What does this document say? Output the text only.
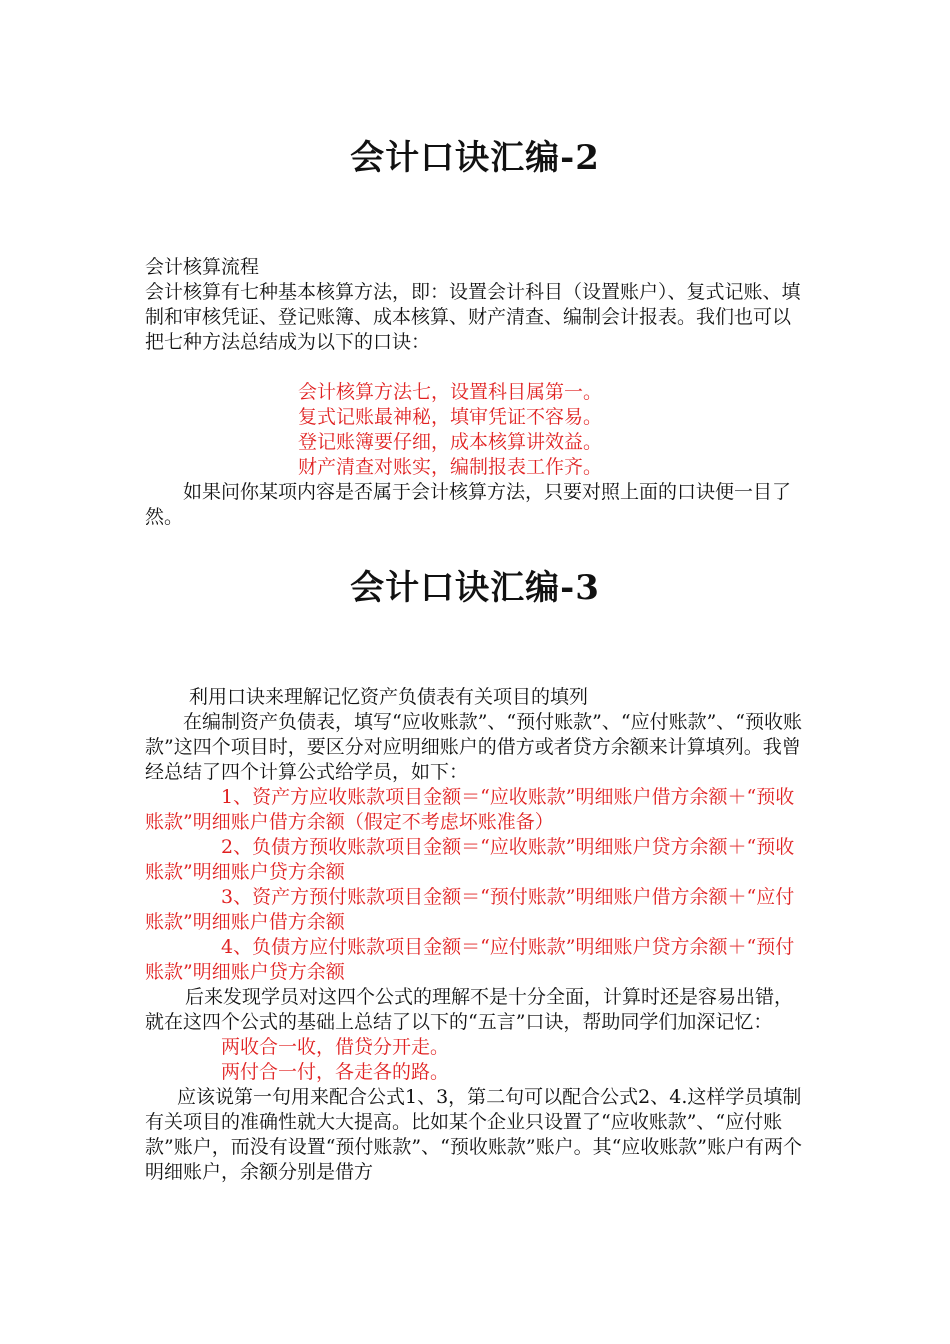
会计口诀汇编-2

会计核算流程

会计核算有七种基本核算方法，即：设置会计科目（设置账户）、复式记账、填制和审核凭证、登记账簿、成本核算、财产清查、编制会计报表。我们也可以把七种方法总结成为以下的口诀：

会计核算方法七，设置科目属第一。

复式记账最神秘，填审凭证不容易。

登记账簿要仔细，成本核算讲效益。

财产清查对账实，编制报表工作齐。

如果问你某项内容是否属于会计核算方法，只要对照上面的口诀便一目了然。

会计口诀汇编-3

利用口诀来理解记忆资产负债表有关项目的填列

在编制资产负债表，填写“应收账款”、“预付账款”、“应付账款”、“预收账款”这四个项目时，要区分对应明细账户的借方或者贷方余额来计算填列。我曾经总结了四个计算公式给学员，如下：

1、资产方应收账款项目金额＝“应收账款”明细账户借方余额＋“预收账款”明细账户借方余额（假定不考虑坏账准备）

2、负债方预收账款项目金额＝“应收账款”明细账户贷方余额＋“预收账款”明细账户贷方余额

3、资产方预付账款项目金额＝“预付账款”明细账户借方余额＋“应付账款”明细账户借方余额

4、负债方应付账款项目金额＝“应付账款”明细账户贷方余额＋“预付账款”明细账户贷方余额

后来发现学员对这四个公式的理解不是十分全面，计算时还是容易出错，就在这四个公式的基础上总结了以下的“五言”口诀，帮助同学们加深记忆：

两收合一收，借贷分开走。

两付合一付，各走各的路。

应该说第一句用来配合公式1、3，第二句可以配合公式2、4.这样学员填制有关项目的准确性就大大提高。比如某个企业只设置了“应收账款”、“应付账款”账户，而没有设置“预付账款”、“预收账款”账户。其“应收账款”账户有两个明细账户，余额分别是借方
